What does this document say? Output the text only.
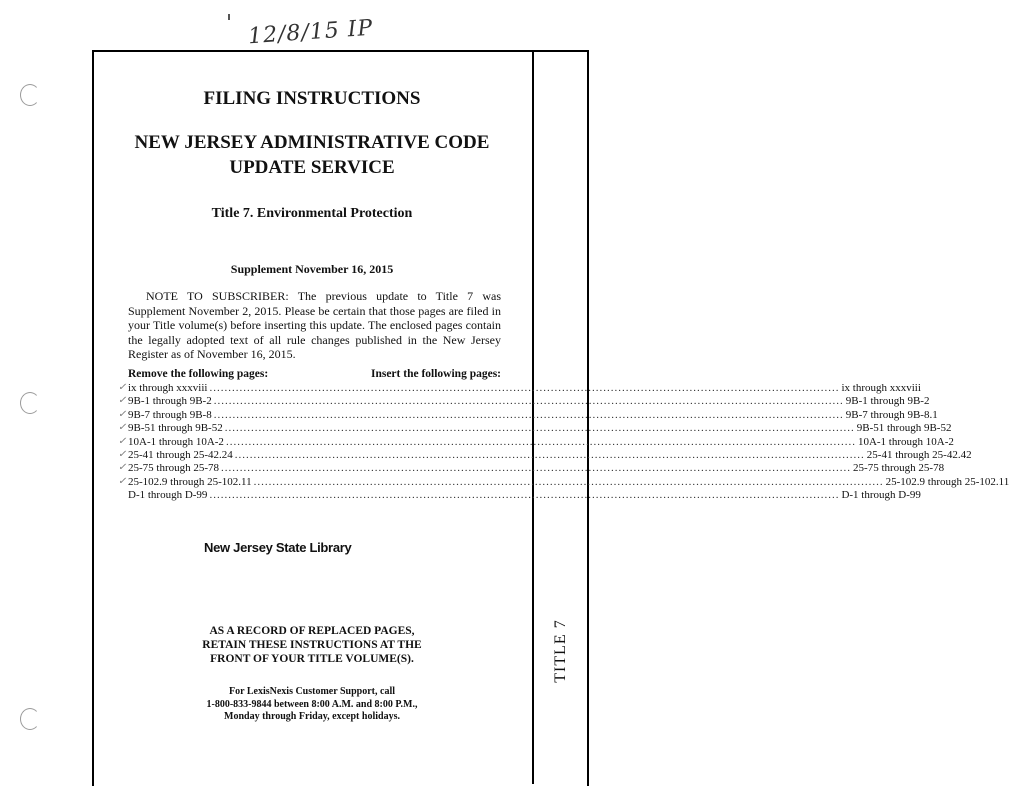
12/8/15 IP
TITLE 7
FILING INSTRUCTIONS
NEW JERSEY ADMINISTRATIVE CODE
UPDATE SERVICE
Title 7. Environmental Protection
Supplement November 16, 2015
NOTE TO SUBSCRIBER: The previous update to Title 7 was Supplement November 2, 2015. Please be certain that those pages are filed in your Title volume(s) before inserting this update. The enclosed pages contain the legally adopted text of all rule changes published in the New Jersey Register as of November 16, 2015.
Remove the following pages:	Insert the following pages:
✓ ix through xxxviii .....	ix through xxxviii
✓ 9B-1 through 9B-2 .....	9B-1 through 9B-2
✓ 9B-7 through 9B-8 .....	9B-7 through 9B-8.1
✓ 9B-51 through 9B-52 .....	9B-51 through 9B-52
✓ 10A-1 through 10A-2 .....	10A-1 through 10A-2
✓ 25-41 through 25-42.24 .....	25-41 through 25-42.42
✓ 25-75 through 25-78 .....	25-75 through 25-78
✓ 25-102.9 through 25-102.11 .....	25-102.9 through 25-102.11
D-1 through D-99 .....	D-1 through D-99
New Jersey State Library
AS A RECORD OF REPLACED PAGES,
RETAIN THESE INSTRUCTIONS AT THE
FRONT OF YOUR TITLE VOLUME(S).
For LexisNexis Customer Support, call
1-800-833-9844 between 8:00 A.M. and 8:00 P.M.,
Monday through Friday, except holidays.
